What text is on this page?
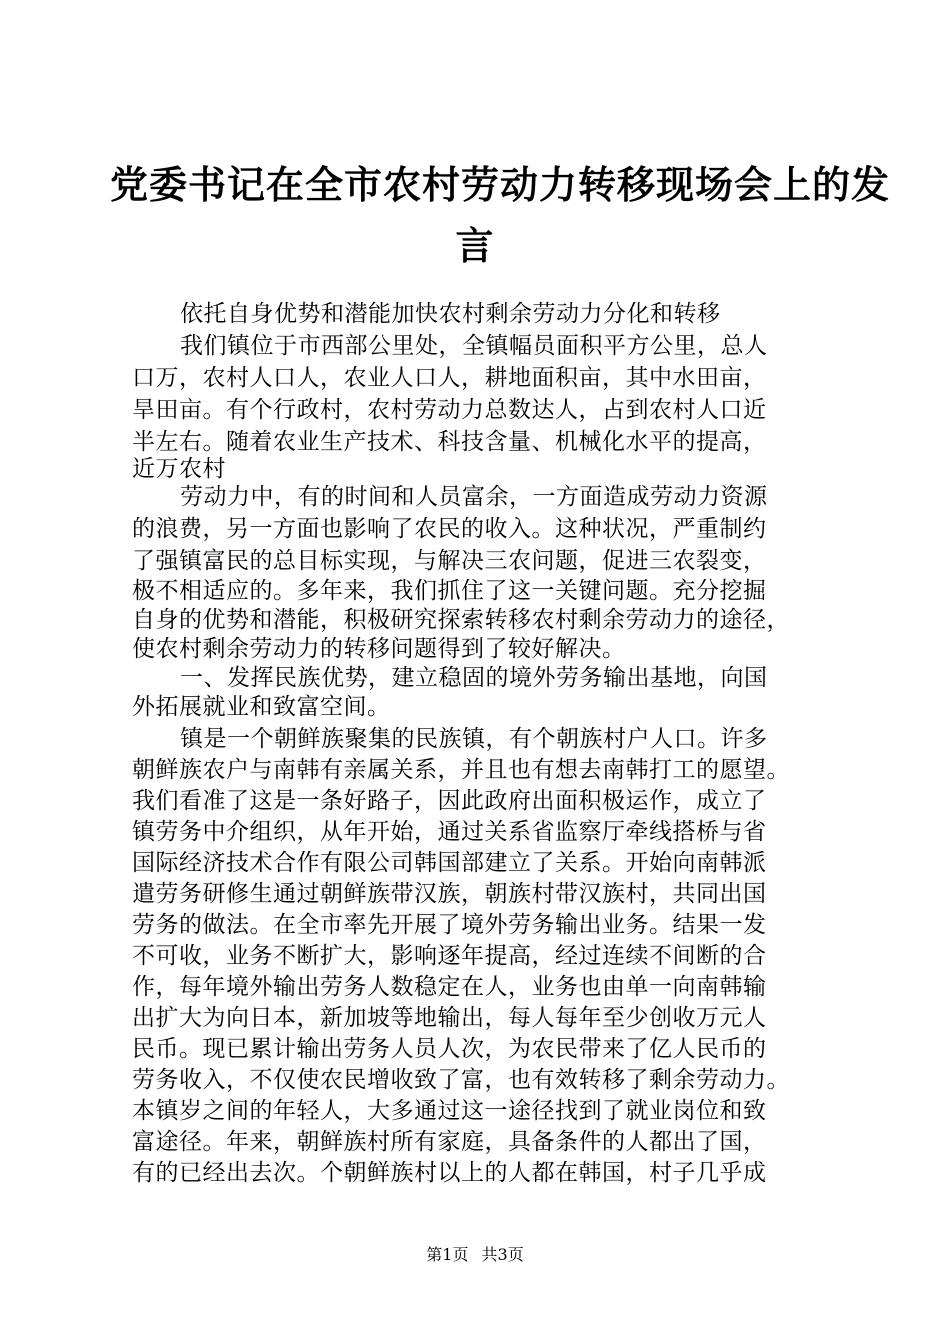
党委书记在全市农村劳动力转移现场会上的发
言
依托自身优势和潜能加快农村剩余劳动力分化和转移
我们镇位于市西部公里处，全镇幅员面积平方公里，总人
口万，农村人口人，农业人口人，耕地面积亩，其中水田亩，
旱田亩。有个行政村，农村劳动力总数达人，占到农村人口近
半左右。随着农业生产技术、科技含量、机械化水平的提高，
近万农村
劳动力中，有的时间和人员富余，一方面造成劳动力资源
的浪费，另一方面也影响了农民的收入。这种状况，严重制约
了强镇富民的总目标实现，与解决三农问题，促进三农裂变，
极不相适应的。多年来，我们抓住了这一关键问题。充分挖掘
自身的优势和潜能，积极研究探索转移农村剩余劳动力的途径，
使农村剩余劳动力的转移问题得到了较好解决。
一、发挥民族优势，建立稳固的境外劳务输出基地，向国
外拓展就业和致富空间。
镇是一个朝鲜族聚集的民族镇，有个朝族村户人口。许多
朝鲜族农户与南韩有亲属关系，并且也有想去南韩打工的愿望。
我们看准了这是一条好路子，因此政府出面积极运作，成立了
镇劳务中介组织，从年开始，通过关系省监察厅牵线搭桥与省
国际经济技术合作有限公司韩国部建立了关系。开始向南韩派
遣劳务研修生通过朝鲜族带汉族，朝族村带汉族村，共同出国
劳务的做法。在全市率先开展了境外劳务输出业务。结果一发
不可收，业务不断扩大，影响逐年提高，经过连续不间断的合
作，每年境外输出劳务人数稳定在人，业务也由单一向南韩输
出扩大为向日本，新加坡等地输出，每人每年至少创收万元人
民币。现已累计输出劳务人员人次，为农民带来了亿人民币的
劳务收入，不仅使农民增收致了富，也有效转移了剩余劳动力。
本镇岁之间的年轻人，大多通过这一途径找到了就业岗位和致
富途径。年来，朝鲜族村所有家庭，具备条件的人都出了国，
有的已经出去次。个朝鲜族村以上的人都在韩国，村子几乎成
第1页 共3页
